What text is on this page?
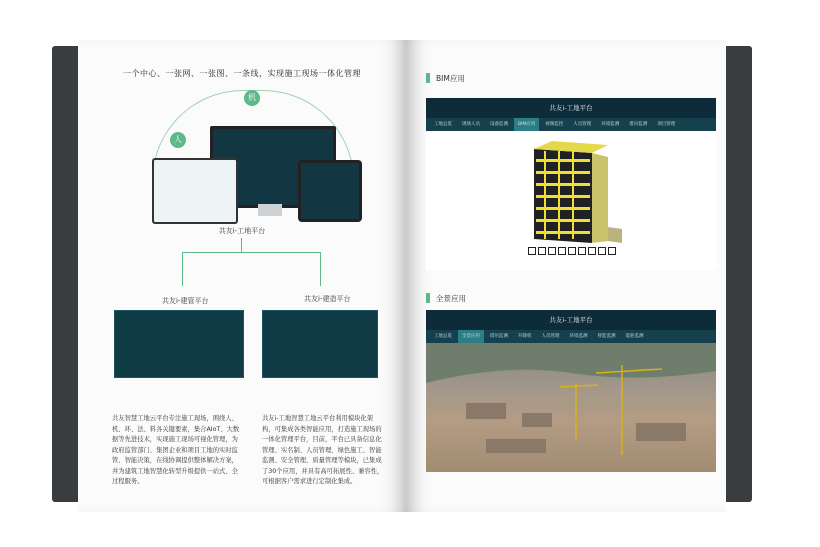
一个中心、一张网、一张图、一条线，实现施工现场一体化管理
人
机
共友i-工地平台
共友i-建管平台	共友i-建造平台
共友智慧工地云平台专注施工现场，围绕人、机、环、法、料各关键要素，集合AIoT、大数据等先进技术，实现施工现场可视化管理，为政府监管部门、集团企业和项目工地的实时监管、智能决策，在线协调提供整体解决方案，并为建筑工地智慧化转型升级提供一站式、全过程服务。
共友i-工地智慧工地云平台利用模块化架构，可集成各类智能应用，打造施工现场的一体化管理平台，目前，平台已具备信息化管理、实名制、人员管理、绿色施工、智能监测、安全管理、质量管理等模块，已集成了30个应用，并具有高可拓展性、兼容性，可根据客户需求进行定制化集成。
BIM应用
共友i-工地平台
工地总览	现场人员	设备监测	BIM应用	视频监控	人员管理	环境监测	塔吊监测	项目管理
全景应用
共友i-工地平台
工地总览	全景应用	塔吊监测	升降机	人员管理	环境监测	智能监测	能耗监测
